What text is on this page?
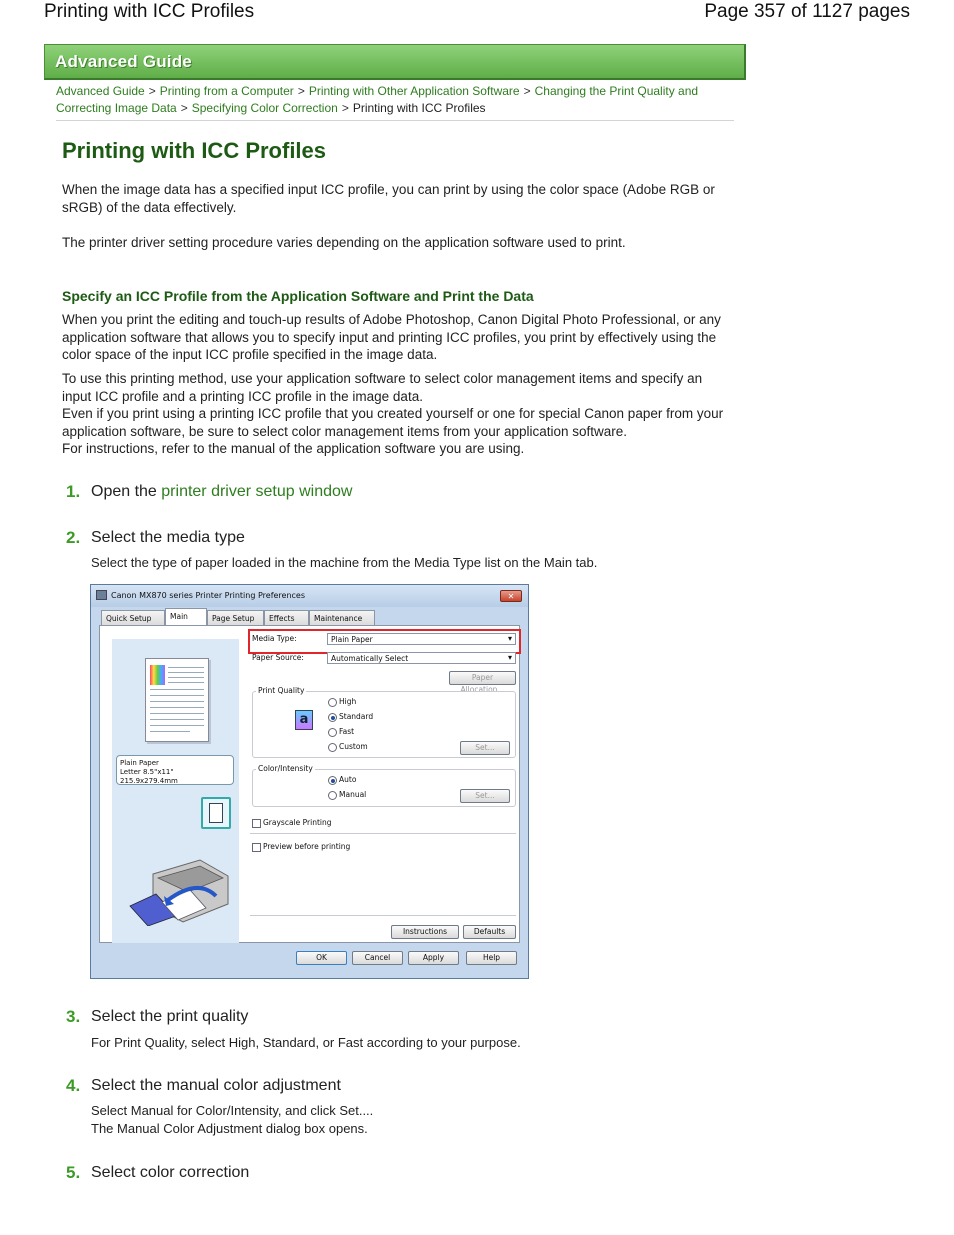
Printing with ICC Profiles	Page 357 of 1127 pages
Advanced Guide
Advanced Guide > Printing from a Computer > Printing with Other Application Software > Changing the Print Quality and Correcting Image Data > Specifying Color Correction > Printing with ICC Profiles
Printing with ICC Profiles
When the image data has a specified input ICC profile, you can print by using the color space (Adobe RGB or sRGB) of the data effectively.
The printer driver setting procedure varies depending on the application software used to print.
Specify an ICC Profile from the Application Software and Print the Data
When you print the editing and touch-up results of Adobe Photoshop, Canon Digital Photo Professional, or any application software that allows you to specify input and printing ICC profiles, you print by effectively using the color space of the input ICC profile specified in the image data.
To use this printing method, use your application software to select color management items and specify an input ICC profile and a printing ICC profile in the image data.
Even if you print using a printing ICC profile that you created yourself or one for special Canon paper from your application software, be sure to select color management items from your application software.
For instructions, refer to the manual of the application software you are using.
1. Open the printer driver setup window
2. Select the media type
Select the type of paper loaded in the machine from the Media Type list on the Main tab.
Canon MX870 series Printer Printing Preferences	✕
Quick Setup	Main	Page Setup	Effects	Maintenance
Plain Paper
Letter 8.5"x11" 215.9x279.4mm
Media Type:	Plain Paper ▾
Paper Source:	Automatically Select ▾
Paper Allocation...
Print Quality
a
High
Standard
Fast
Custom	Set...
Color/Intensity
Auto
Manual	Set...
Grayscale Printing
Preview before printing
Instructions	Defaults
OK	Cancel	Apply	Help
3. Select the print quality
For Print Quality, select High, Standard, or Fast according to your purpose.
4. Select the manual color adjustment
Select Manual for Color/Intensity, and click Set....
The Manual Color Adjustment dialog box opens.
5. Select color correction
